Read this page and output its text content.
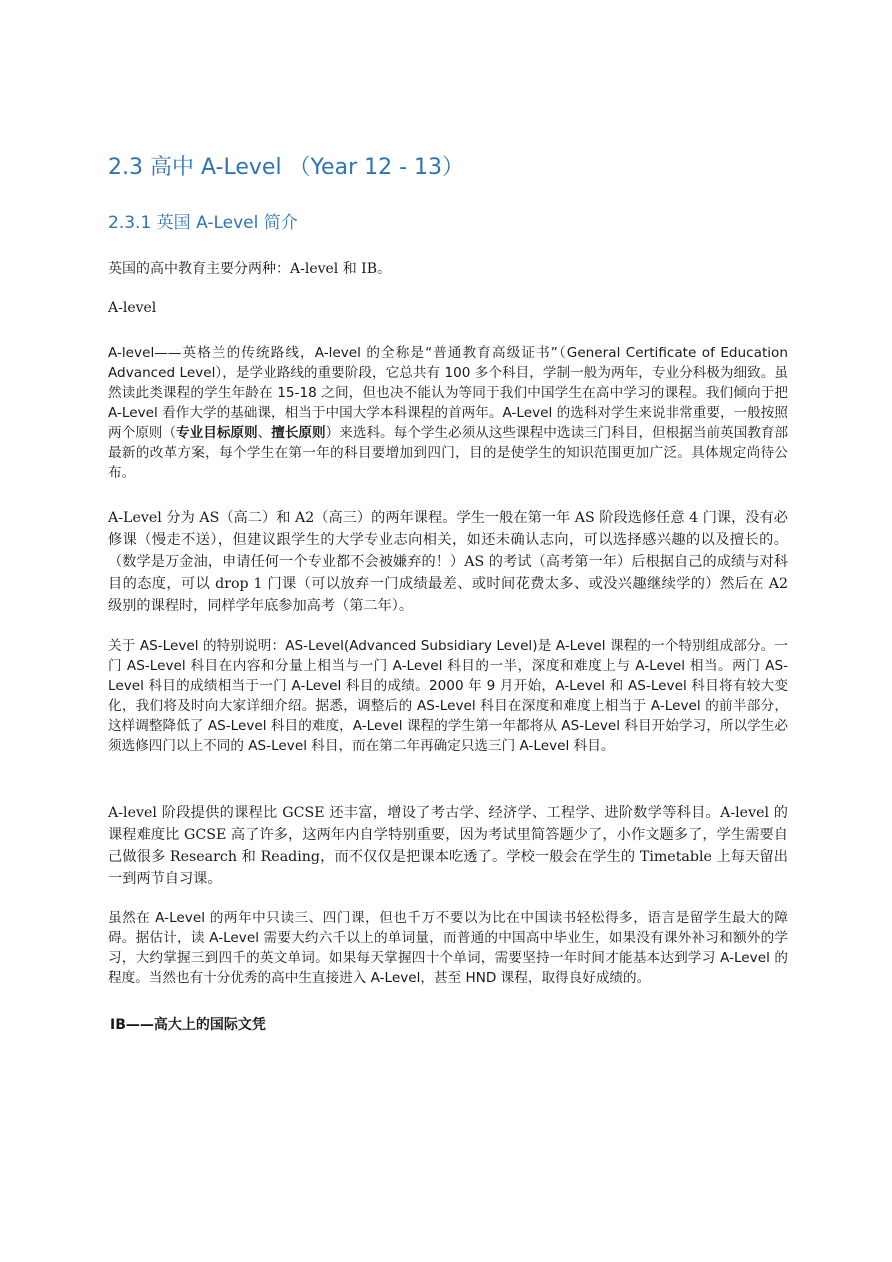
2.3 高中 A-Level （Year 12 - 13）
2.3.1 英国 A-Level 简介

英国的高中教育主要分两种：A-level 和 IB。

A-level

A-level——英格兰的传统路线，A-level 的全称是“普通教育高级证书”（General Certificate of Education Advanced Level），是学业路线的重要阶段，它总共有 100 多个科目，学制一般为两年，专业分科极为细致。虽然读此类课程的学生年龄在 15-18 之间，但也决不能认为等同于我们中国学生在高中学习的课程。我们倾向于把 A-Level 看作大学的基础课，相当于中国大学本科课程的首两年。A-Level 的选科对学生来说非常重要，一般按照两个原则（专业目标原则、擅长原则）来选科。每个学生必须从这些课程中选读三门科目，但根据当前英国教育部最新的改革方案，每个学生在第一年的科目要增加到四门，目的是使学生的知识范围更加广泛。具体规定尚待公布。

A-Level 分为 AS（高二）和 A2（高三）的两年课程。学生一般在第一年 AS 阶段选修任意 4 门课，没有必修课（慢走不送），但建议跟学生的大学专业志向相关，如还未确认志向，可以选择感兴趣的以及擅长的。（数学是万金油，申请任何一个专业都不会被嫌弃的！）AS 的考试（高考第一年）后根据自己的成绩与对科目的态度，可以 drop 1 门课（可以放弃一门成绩最差、或时间花费太多、或没兴趣继续学的）然后在 A2 级别的课程时，同样学年底参加高考（第二年）。

关于 AS-Level 的特别说明：AS-Level(Advanced Subsidiary Level)是 A-Level 课程的一个特别组成部分。一门 AS-Level 科目在内容和分量上相当与一门 A-Level 科目的一半，深度和难度上与 A-Level 相当。两门 AS-Level 科目的成绩相当于一门 A-Level 科目的成绩。2000 年 9 月开始，A-Level 和 AS-Level 科目将有较大变化，我们将及时向大家详细介绍。据悉，调整后的 AS-Level 科目在深度和难度上相当于 A-Level 的前半部分，这样调整降低了 AS-Level 科目的难度，A-Level 课程的学生第一年都将从 AS-Level 科目开始学习，所以学生必须选修四门以上不同的 AS-Level 科目，而在第二年再确定只选三门 A-Level 科目。

A-level 阶段提供的课程比 GCSE 还丰富，增设了考古学、经济学、工程学、进阶数学等科目。A-level 的课程难度比 GCSE 高了许多，这两年内自学特别重要，因为考试里简答题少了，小作文题多了，学生需要自己做很多 Research 和 Reading，而不仅仅是把课本吃透了。学校一般会在学生的 Timetable 上每天留出一到两节自习课。

虽然在 A-Level 的两年中只读三、四门课，但也千万不要以为比在中国读书轻松得多，语言是留学生最大的障碍。据估计，读 A-Level 需要大约六千以上的单词量，而普通的中国高中毕业生，如果没有课外补习和额外的学习，大约掌握三到四千的英文单词。如果每天掌握四十个单词，需要坚持一年时间才能基本达到学习 A-Level 的程度。当然也有十分优秀的高中生直接进入 A-Level，甚至 HND 课程，取得良好成绩的。

IB——高大上的国际文凭
